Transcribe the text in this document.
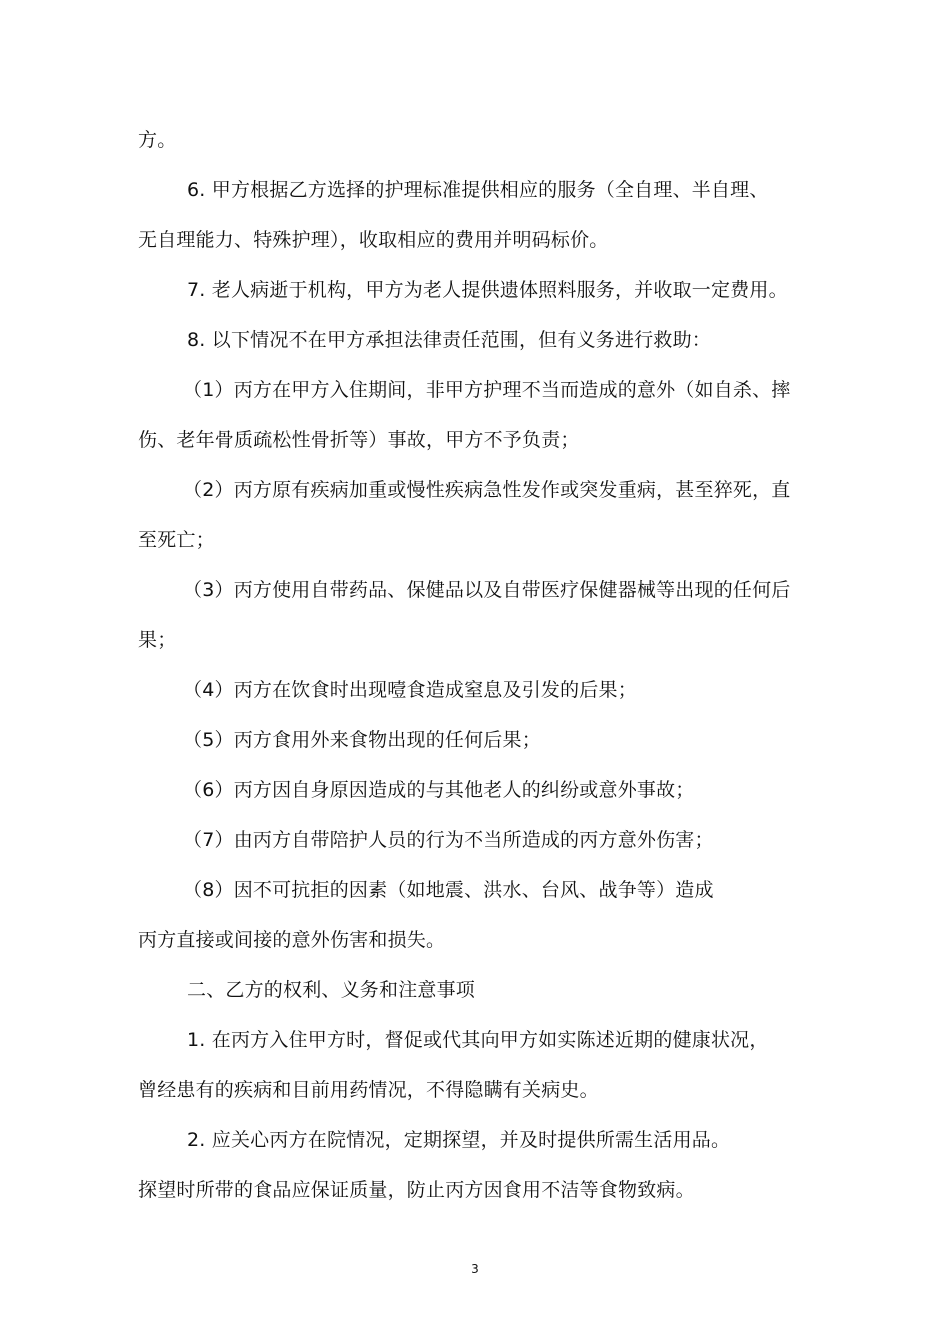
方。
6. 甲方根据乙方选择的护理标准提供相应的服务（全自理、半自理、
无自理能力、特殊护理），收取相应的费用并明码标价。
7. 老人病逝于机构，甲方为老人提供遗体照料服务，并收取一定费用。
8. 以下情况不在甲方承担法律责任范围，但有义务进行救助：
（1）丙方在甲方入住期间，非甲方护理不当而造成的意外（如自杀、摔
伤、老年骨质疏松性骨折等）事故，甲方不予负责；
（2）丙方原有疾病加重或慢性疾病急性发作或突发重病，甚至猝死，直
至死亡；
（3）丙方使用自带药品、保健品以及自带医疗保健器械等出现的任何后
果；
（4）丙方在饮食时出现噎食造成窒息及引发的后果；
（5）丙方食用外来食物出现的任何后果；
（6）丙方因自身原因造成的与其他老人的纠纷或意外事故；
（7）由丙方自带陪护人员的行为不当所造成的丙方意外伤害；
（8）因不可抗拒的因素（如地震、洪水、台风、战争等）造成
丙方直接或间接的意外伤害和损失。
二、乙方的权利、义务和注意事项
1. 在丙方入住甲方时，督促或代其向甲方如实陈述近期的健康状况，
曾经患有的疾病和目前用药情况，不得隐瞒有关病史。
2. 应关心丙方在院情况，定期探望，并及时提供所需生活用品。
探望时所带的食品应保证质量，防止丙方因食用不洁等食物致病。
3
